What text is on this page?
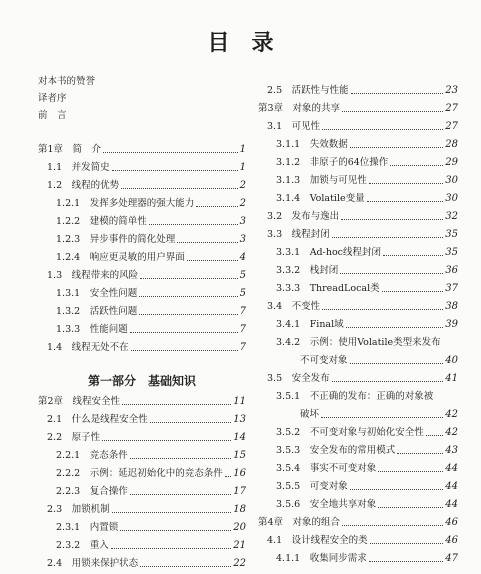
目　录
对本书的赞誉
译者序
前　言
第1章  简　介	1
1.1  并发简史	1
1.2  线程的优势	2
1.2.1  发挥多处理器的强大能力	2
1.2.2  建模的简单性	3
1.2.3  异步事件的简化处理	3
1.2.4  响应更灵敏的用户界面	4
1.3  线程带来的风险	5
1.3.1  安全性问题	5
1.3.2  活跃性问题	7
1.3.3  性能问题	7
1.4  线程无处不在	7
第2章  线程安全性	11
2.1  什么是线程安全性	13
2.2  原子性	14
2.2.1  竞态条件	15
2.2.2  示例：延迟初始化中的竞态条件 16
2.2.3  复合操作	17
2.3  加锁机制	18
2.3.1  内置锁	20
2.3.2  重入	21
2.4  用锁来保护状态	22
第一部分　基础知识
2.5  活跃性与性能	23
第3章  对象的共享	27
3.1  可见性	27
3.1.1  失效数据	28
3.1.2  非原子的64位操作	29
3.1.3  加锁与可见性	30
3.1.4  Volatile变量	30
3.2  发布与逸出	32
3.3  线程封闭	35
3.3.1  Ad-hoc线程封闭	35
3.3.2  栈封闭	36
3.3.3  ThreadLocal类	37
3.4  不变性	38
3.4.1  Final域	39
3.4.2  示例：使用Volatile类型来发布
不可变对象	40
3.5  安全发布	41
3.5.1  不正确的发布：正确的对象被
破坏	42
3.5.2  不可变对象与初始化安全性 42
3.5.3  安全发布的常用模式	43
3.5.4  事实不可变对象	44
3.5.5  可变对象	44
3.5.6  安全地共享对象	44
第4章  对象的组合	46
4.1  设计线程安全的类	46
4.1.1  收集同步需求	47
